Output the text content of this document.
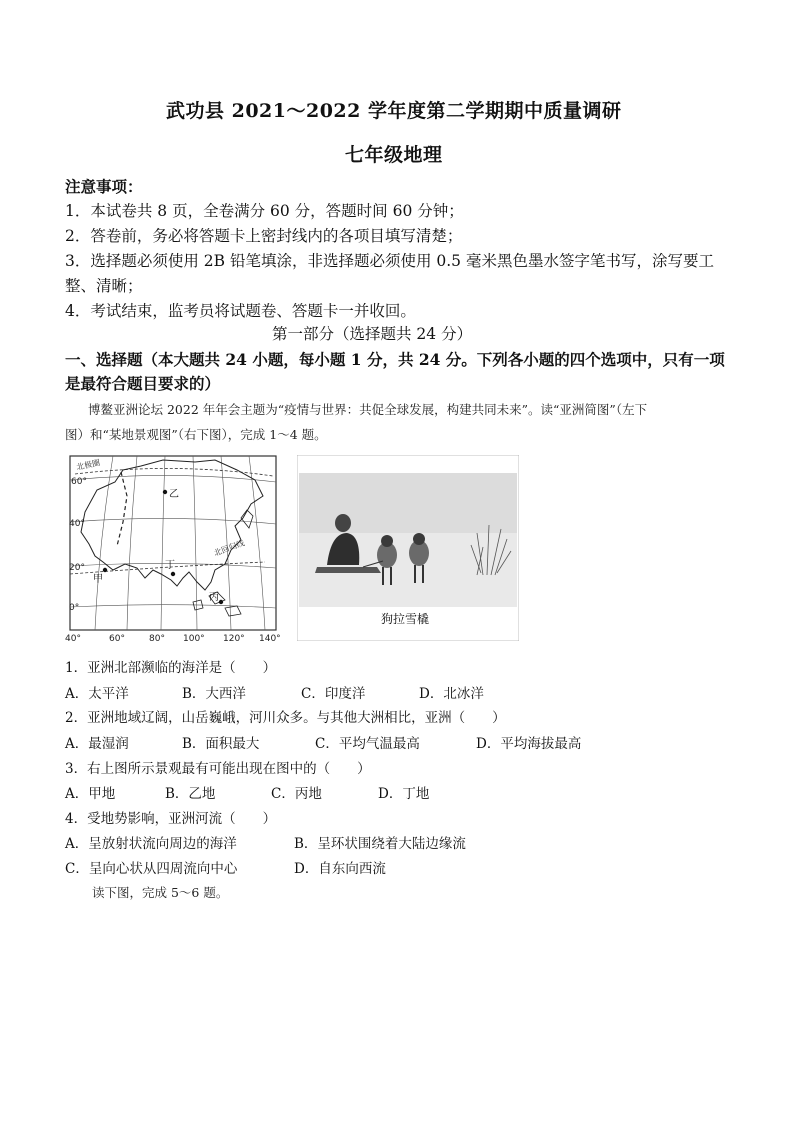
武功县 2021～2022 学年度第二学期期中质量调研
七年级地理
注意事项：
1．本试卷共 8 页，全卷满分 60 分，答题时间 60 分钟；
2．答卷前，务必将答题卡上密封线内的各项目填写清楚；
3．选择题必须使用 2B 铅笔填涂，非选择题必须使用 0.5 毫米黑色墨水签字笔书写，涂写要工
整、清晰；
4．考试结束，监考员将试题卷、答题卡一并收回。
第一部分（选择题共 24 分）
一、选择题（本大题共 24 小题，每小题 1 分，共 24 分。下列各小题的四个选项中，只有一项
是最符合题目要求的）
博鳌亚洲论坛 2022 年年会主题为“疫情与世界：共促全球发展，构建共同未来”。读“亚洲简图”（左下
图）和“某地景观图”（右下图），完成 1～4 题。
北极圈
北回归线
60°
40°
20°
0°
40°	60°	80° 100° 120° 140°
甲
乙
丙
丁
狗拉雪橇
1．亚洲北部濒临的海洋是（　　）
A．太平洋	B．大西洋	C．印度洋	D．北冰洋
2．亚洲地域辽阔，山岳巍峨，河川众多。与其他大洲相比，亚洲（　　）
A．最湿润	B．面积最大	C．平均气温最高	D．平均海拔最高
3．右上图所示景观最有可能出现在图中的（　　）
A．甲地	B．乙地	C．丙地	D．丁地
4．受地势影响，亚洲河流（　　）
A．呈放射状流向周边的海洋	B．呈环状围绕着大陆边缘流
C．呈向心状从四周流向中心	D．自东向西流
读下图，完成 5～6 题。
